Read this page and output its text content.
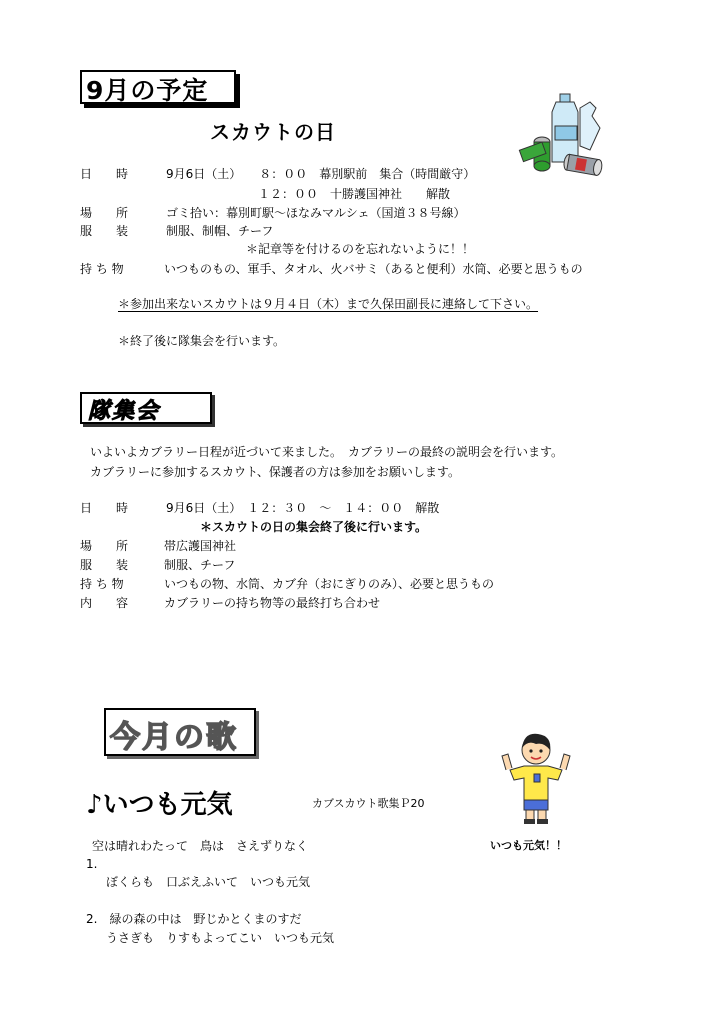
9月の予定
スカウトの日
日　　時	9月6日（土）　　８：００　幕別駅前　集合（時間厳守）
１２：００　十勝護国神社　　解散
場　　所	ゴミ拾い：幕別町駅～ほなみマルシェ（国道３８号線）
服　　装	制服、制帽、チーフ
＊記章等を付けるのを忘れないように！！
持 ち 物	いつものもの、軍手、タオル、火バサミ（あると便利）水筒、必要と思うもの
＊参加出来ないスカウトは９月４日（木）まで久保田副長に連絡して下さい。
＊終了後に隊集会を行います。
隊集会
いよいよカブラリー日程が近づいて来ました。　カブラリーの最終の説明会を行います。
カブラリーに参加するスカウト、保護者の方は参加をお願いします。
日　　時	9月6日（土）　１２：３０　～　１４：００　解散
＊スカウトの日の集会終了後に行います。
場　　所	帯広護国神社
服　　装	制服、チーフ
持 ち 物	いつもの物、水筒、カブ弁（おにぎりのみ）、必要と思うもの
内　　容	カブラリーの持ち物等の最終打ち合わせ
今月の歌
♪いつも元気	カブスカウト歌集Ｐ20
いつも元気！！
空は晴れわたって　鳥は　さえずりなく
1.
ぼくらも　口ぶえふいて　いつも元気
2.　緑の森の中は　野じかとくまのすだ
うさぎも　りすもよってこい　いつも元気
